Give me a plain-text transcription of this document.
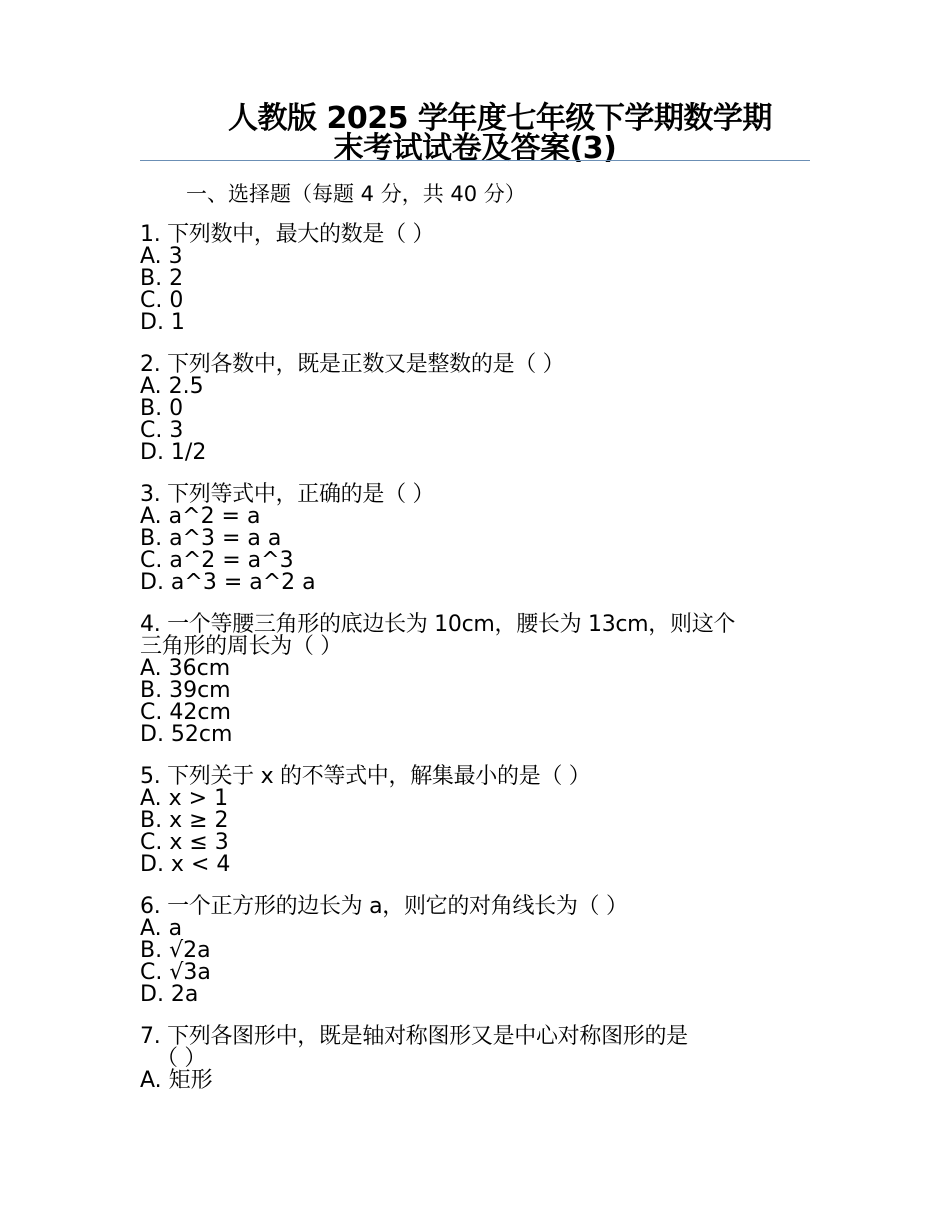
人教版 2025 学年度七年级下学期数学期
末考试试卷及答案(3)
一、选择题（每题 4 分，共 40 分）

1. 下列数中，最大的数是（ ）

A. 3
B. 2
C. 0
D. 1

2. 下列各数中，既是正数又是整数的是（ ）

A. 2.5
B. 0
C. 3
D. 1/2

3. 下列等式中，正确的是（ ）

A. a^2 = a
B. a^3 = a a
C. a^2 = a^3
D. a^3 = a^2 a

4. 一个等腰三角形的底边长为 10cm，腰长为 13cm，则这个

三角形的周长为（ ）

A. 36cm
B. 39cm
C. 42cm
D. 52cm

5. 下列关于 x 的不等式中，解集最小的是（ ）

A. x > 1
B. x ≥ 2
C. x ≤ 3
D. x < 4

6. 一个正方形的边长为 a，则它的对角线长为（ ）

A. a
B. √2a
C. √3a
D. 2a

7. 下列各图形中，既是轴对称图形又是中心对称图形的是

（ ）

A. 矩形
